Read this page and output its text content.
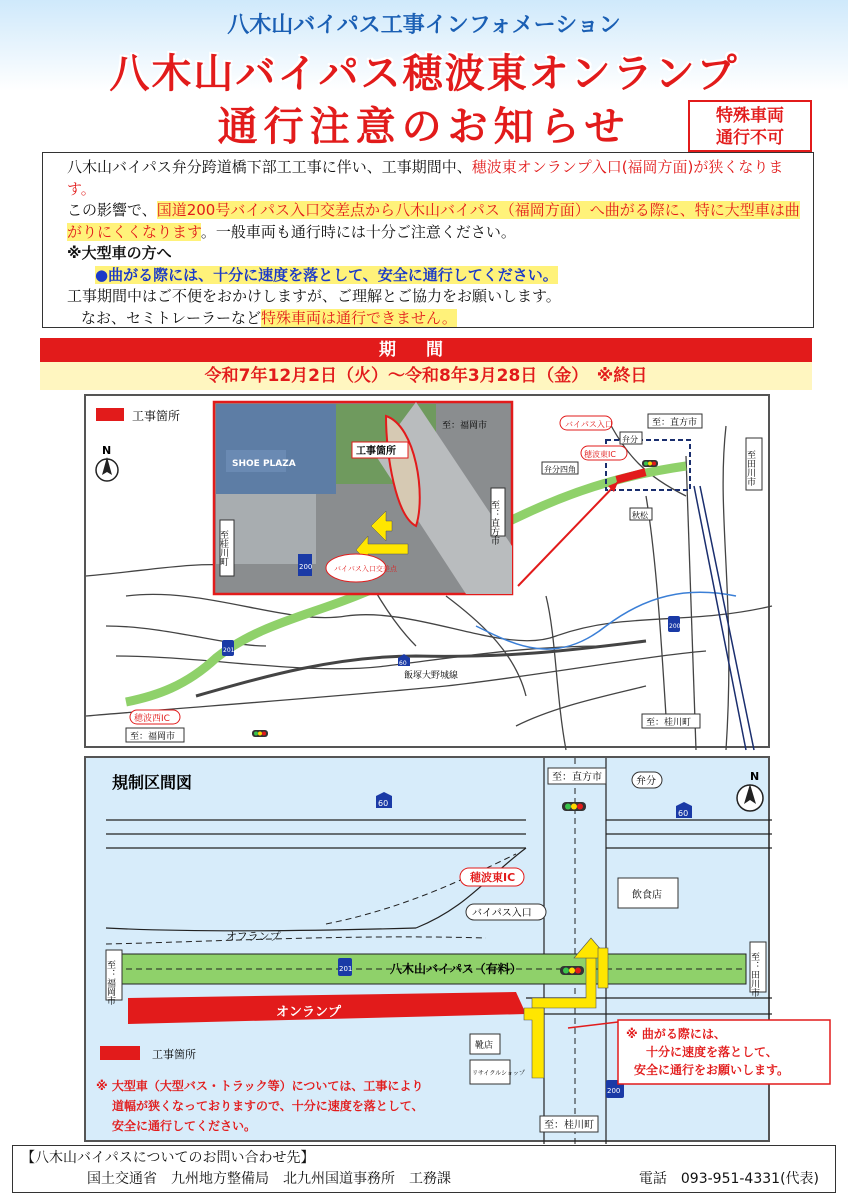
八木山バイパス工事インフォメーション
八木山バイパス穂波東オンランプ
通行注意のお知らせ	特殊車両
通行不可
八木山バイパス弁分跨道橋下部工工事に伴い、工事期間中、穂波東オンランプ入口(福岡方面)が狭くなります。
この影響で、国道200号バイパス入口交差点から八木山バイパス（福岡方面）へ曲がる際に、特に大型車は曲がりにくくなります。一般車両も通行時には十分ご注意ください。
※大型車の方へ
●曲がる際には、十分に速度を落として、安全に通行してください。
工事期間中はご不便をおかけしますが、ご理解とご協力をお願いします。
なお、セミトレーラーなど特殊車両は通行できません。
期間
令和7年12月2日（火）～令和8年3月28日（金）　※終日
工事箇所
N
SHOE PLAZA
至：福岡市
工事箇所
至：直方市
至桂川町
200	バイパス入口交差点
バイパス入口	至：直方市
弁分
穂波東IC
弁分四角
秋松
至田川市
200
201
60
飯塚大野城線
穂波西IC
至：福岡市
至：桂川町
規制区間図	N
至：直方市	弁分
60
60
穂波東IC
飲食店
バイパス入口
オフランプ
201	八木山バイパス（有料）
至：福岡市	至：田川市
オンランプ
工事箇所
靴店
リサイクルショップ
200
至：桂川町
※ 曲がる際には、
十分に速度を落として、
安全に通行をお願いします。
※ 大型車（大型バス・トラック等）については、工事により
道幅が狭くなっておりますので、十分に速度を落として、
安全に通行してください。
【八木山バイパスについてのお問い合わせ先】
国土交通省　九州地方整備局　北九州国道事務所　工務課	電話　093-951-4331(代表)
